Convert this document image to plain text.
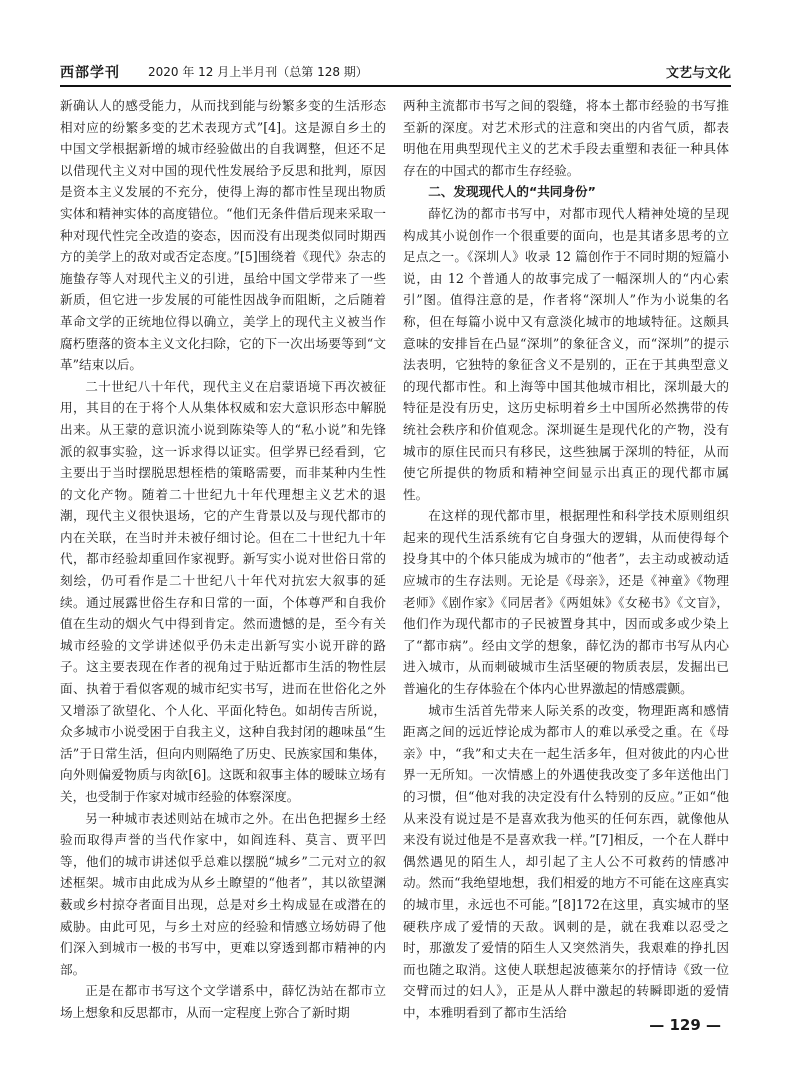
西部学刊 2020 年 12 月上半月刊（总第 128 期）	文艺与文化

新确认人的感受能力，从而找到能与纷繁多变的生活形态相对应的纷繁多变的艺术表现方式”[4]。这是源自乡土的中国文学根据新增的城市经验做出的自我调整，但还不足以借现代主义对中国的现代性发展给予反思和批判，原因是资本主义发展的不充分，使得上海的都市性呈现出物质实体和精神实体的高度错位。“他们无条件借后现来采取一种对现代性完全改造的姿态，因而没有出现类似同时期西方的美学上的敌对或否定态度。”[5]围绕着《现代》杂志的施蛰存等人对现代主义的引进，虽给中国文学带来了一些新质，但它进一步发展的可能性因战争而阻断，之后随着革命文学的正统地位得以确立，美学上的现代主义被当作腐朽堕落的资本主义文化扫除，它的下一次出场要等到“文革”结束以后。

二十世纪八十年代，现代主义在启蒙语境下再次被征用，其目的在于将个人从集体权威和宏大意识形态中解脱出来。从王蒙的意识流小说到陈染等人的“私小说”和先锋派的叙事实验，这一诉求得以证实。但学界已经看到，它主要出于当时摆脱思想桎梏的策略需要，而非某种内生性的文化产物。随着二十世纪九十年代理想主义艺术的退潮，现代主义很快退场，它的产生背景以及与现代都市的内在关联，在当时并未被仔细讨论。但在二十世纪九十年代，都市经验却重回作家视野。新写实小说对世俗日常的刻绘，仍可看作是二十世纪八十年代对抗宏大叙事的延续。通过展露世俗生存和日常的一面，个体尊严和自我价值在生动的烟火气中得到肯定。然而遗憾的是，至今有关城市经验的文学讲述似乎仍未走出新写实小说开辟的路子。这主要表现在作者的视角过于贴近都市生活的物性层面、执着于看似客观的城市纪实书写，进而在世俗化之外又增添了欲望化、个人化、平面化特色。如胡传吉所说，众多城市小说受困于自我主义，这种自我封闭的趣味虽“生活”于日常生活，但向内则隔绝了历史、民族家国和集体，向外则偏爱物质与肉欲[6]。这既和叙事主体的暧昧立场有关，也受制于作家对城市经验的体察深度。

另一种城市表述则站在城市之外。在出色把握乡土经验而取得声誉的当代作家中，如阎连科、莫言、贾平凹等，他们的城市讲述似乎总难以摆脱“城乡”二元对立的叙述框架。城市由此成为从乡土瞭望的“他者”，其以欲望渊薮或乡村掠夺者面目出现，总是对乡土构成显在或潜在的威胁。由此可见，与乡土对应的经验和情感立场妨碍了他们深入到城市一极的书写中，更难以穿透到都市精神的内部。

正是在都市书写这个文学谱系中，薛忆沩站在都市立场上想象和反思都市，从而一定程度上弥合了新时期

两种主流都市书写之间的裂缝，将本土都市经验的书写推至新的深度。对艺术形式的注意和突出的内省气质，都表明他在用典型现代主义的艺术手段去重塑和表征一种具体存在的中国式的都市生存经验。

二、发现现代人的“共同身份”

薛忆沩的都市书写中，对都市现代人精神处境的呈现构成其小说创作一个很重要的面向，也是其诸多思考的立足点之一。《深圳人》收录 12 篇创作于不同时期的短篇小说，由 12 个普通人的故事完成了一幅深圳人的“内心索引”图。值得注意的是，作者将“深圳人”作为小说集的名称，但在每篇小说中又有意淡化城市的地域特征。这颇具意味的安排旨在凸显“深圳”的象征含义，而“深圳”的提示法表明，它独特的象征含义不是别的，正在于其典型意义的现代都市性。和上海等中国其他城市相比，深圳最大的特征是没有历史，这历史标明着乡土中国所必然携带的传统社会秩序和价值观念。深圳诞生是现代化的产物，没有城市的原住民而只有移民，这些独属于深圳的特征，从而使它所提供的物质和精神空间显示出真正的现代都市属性。

在这样的现代都市里，根据理性和科学技术原则组织起来的现代生活系统有它自身强大的逻辑，从而使得每个投身其中的个体只能成为城市的“他者”，去主动或被动适应城市的生存法则。无论是《母亲》，还是《神童》《物理老师》《剧作家》《同居者》《两姐妹》《女秘书》《文盲》，他们作为现代都市的子民被置身其中，因而或多或少染上了“都市病”。经由文学的想象，薛忆沩的都市书写从内心进入城市，从而刺破城市生活坚硬的物质表层，发掘出已普遍化的生存体验在个体内心世界激起的情感震颤。

城市生活首先带来人际关系的改变，物理距离和感情距离之间的远近悖论成为都市人的难以承受之重。在《母亲》中，“我”和丈夫在一起生活多年，但对彼此的内心世界一无所知。一次情感上的外遇使我改变了多年送他出门的习惯，但“他对我的决定没有什么特别的反应。”正如“他从来没有说过是不是喜欢我为他买的任何东西，就像他从来没有说过他是不是喜欢我一样。”[7]相反，一个在人群中偶然遇见的陌生人，却引起了主人公不可救药的情感冲动。然而“我绝望地想，我们相爱的地方不可能在这座真实的城市里，永远也不可能。”[8]172在这里，真实城市的坚硬秩序成了爱情的天敌。讽刺的是，就在我难以忍受之时，那激发了爱情的陌生人又突然消失，我艰难的挣扎因而也随之取消。这使人联想起波德莱尔的抒情诗《致一位交臂而过的妇人》，正是从人群中激起的转瞬即逝的爱情中，本雅明看到了都市生活给

— 129 —
